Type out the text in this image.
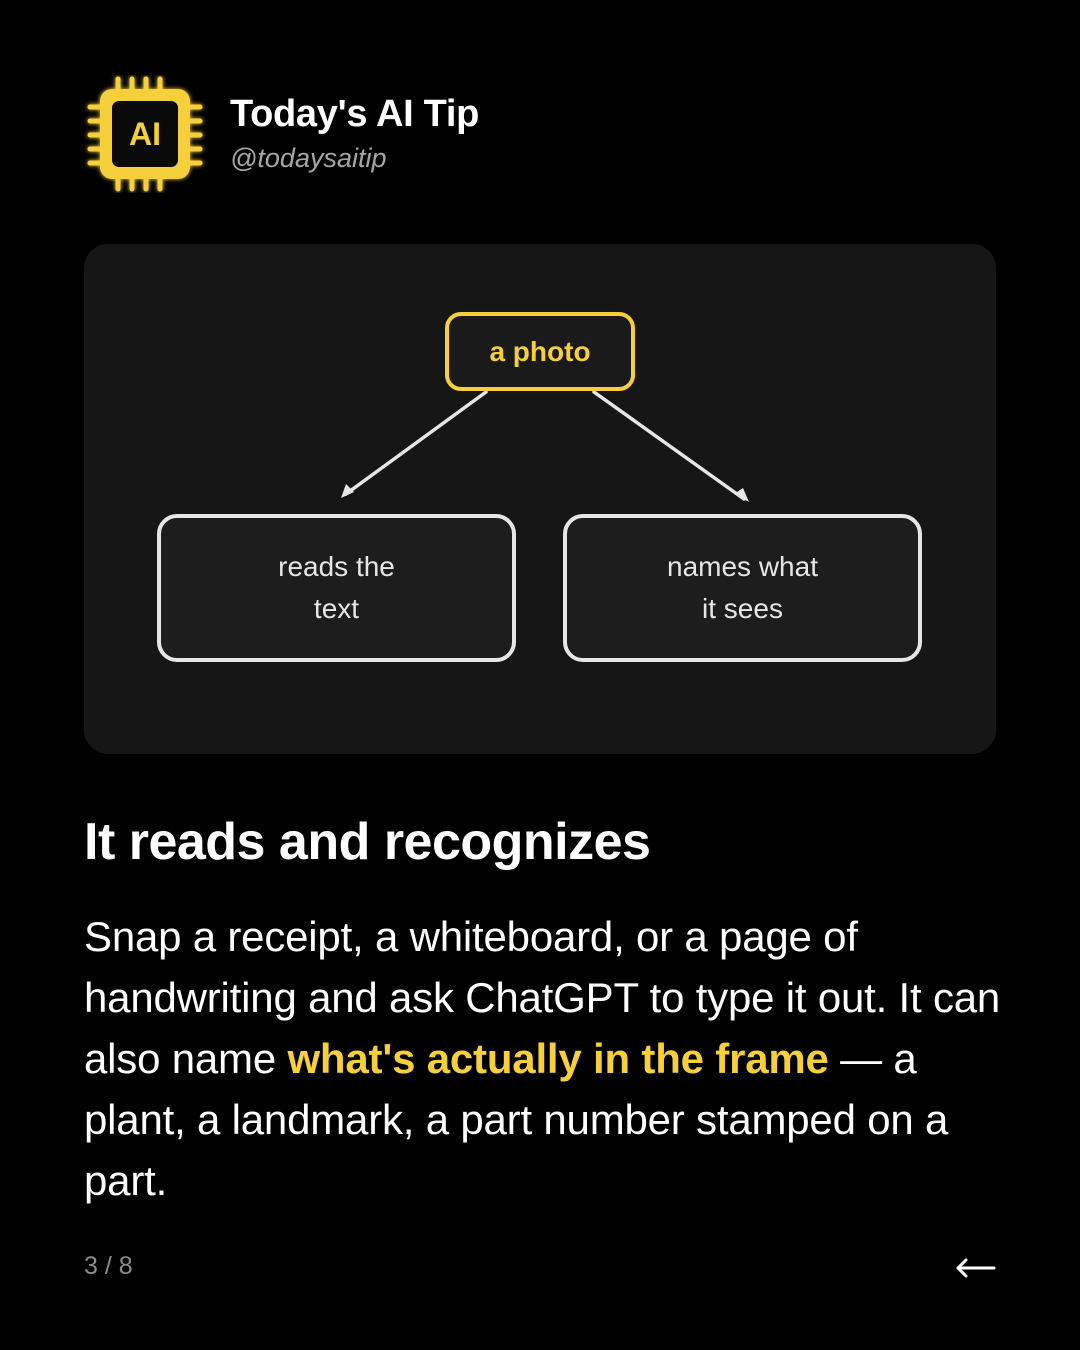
AI Today's AI Tip
@todaysaitip
a photo
reads the
text
names what
it sees
It reads and recognizes

Snap a receipt, a whiteboard, or a page of handwriting and ask ChatGPT to type it out. It can also name what's actually in the frame — a plant, a landmark, a part number stamped on a part.

3 / 8
